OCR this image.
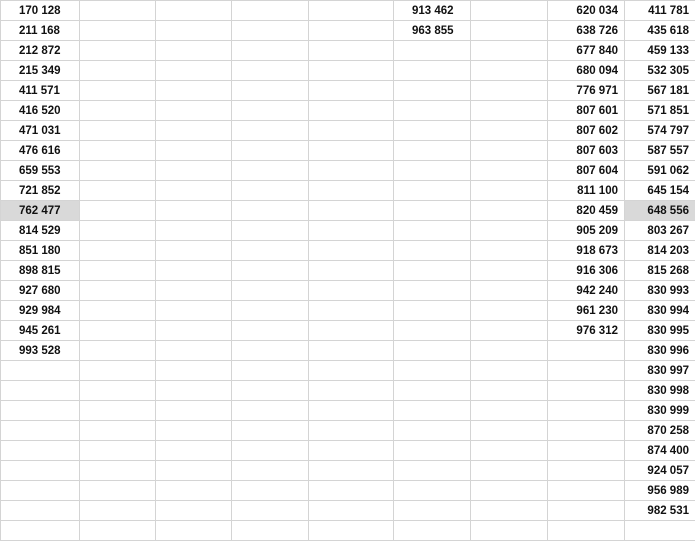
170 128					913 462		620 034	411 781
211 168					963 855		638 726	435 618
212 872							677 840	459 133
215 349							680 094	532 305
411 571							776 971	567 181
416 520							807 601	571 851
471 031							807 602	574 797
476 616							807 603	587 557
659 553							807 604	591 062
721 852							811 100	645 154
762 477							820 459	648 556
814 529							905 209	803 267
851 180							918 673	814 203
898 815							916 306	815 268
927 680							942 240	830 993
929 984							961 230	830 994
945 261							976 312	830 995
993 528								830 996
								830 997
								830 998
								830 999
								870 258
								874 400
								924 057
								956 989
								982 531
